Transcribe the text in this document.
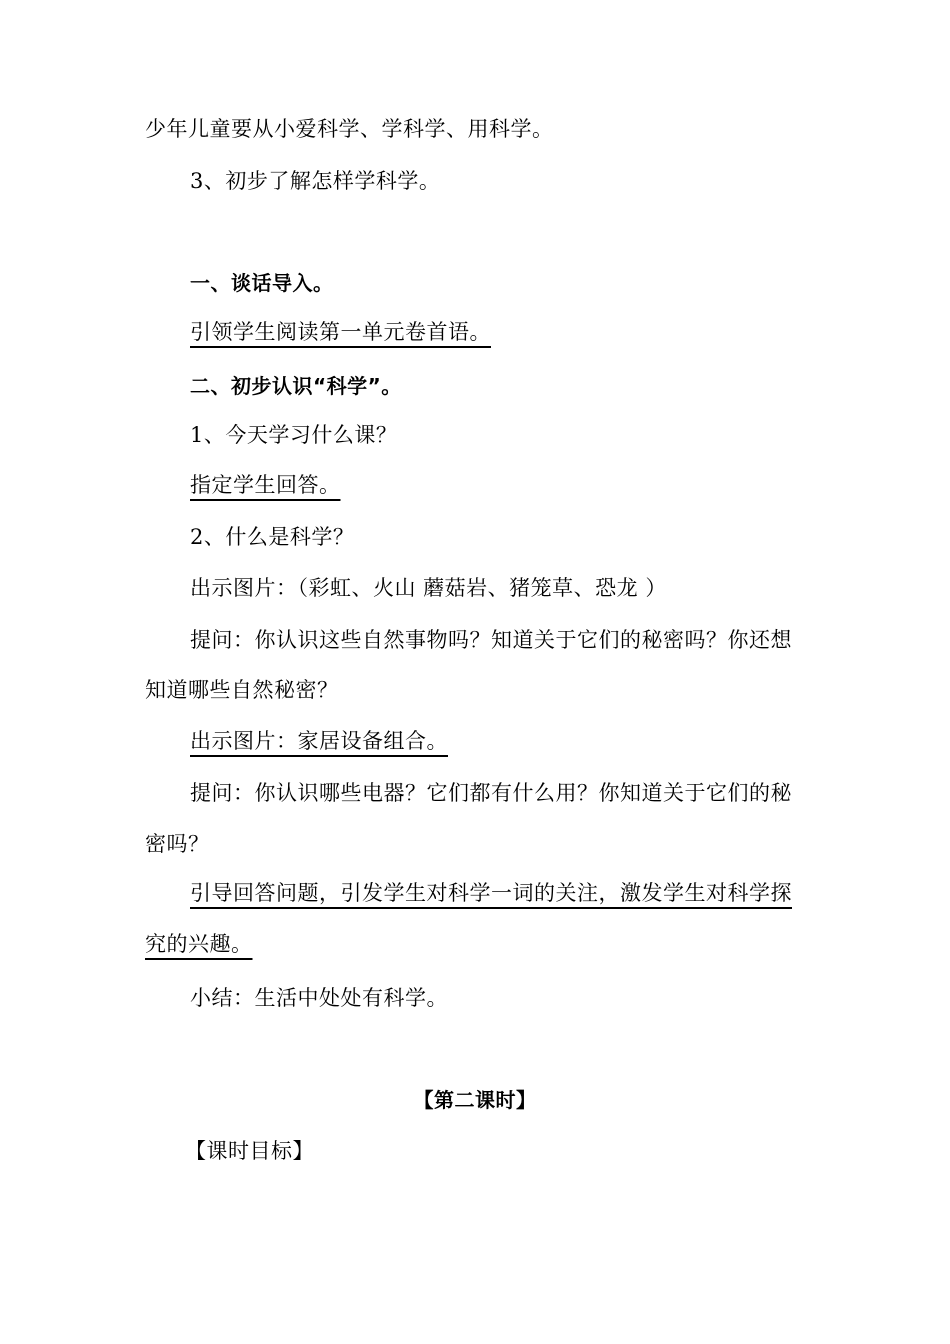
少年儿童要从小爱科学、学科学、用科学。
3、初步了解怎样学科学。
一、谈话导入。
引领学生阅读第一单元卷首语。
二、初步认识“科学”。
1、今天学习什么课？
指定学生回答。
2、什么是科学？
出示图片：（彩虹、火山 蘑菇岩、猪笼草、恐龙 ）
提问：你认识这些自然事物吗？知道关于它们的秘密吗？你还想
知道哪些自然秘密？
出示图片：家居设备组合。
提问：你认识哪些电器？它们都有什么用？你知道关于它们的秘
密吗？
引导回答问题，引发学生对科学一词的关注，激发学生对科学探
究的兴趣。
小结：生活中处处有科学。
【第二课时】
【课时目标】
